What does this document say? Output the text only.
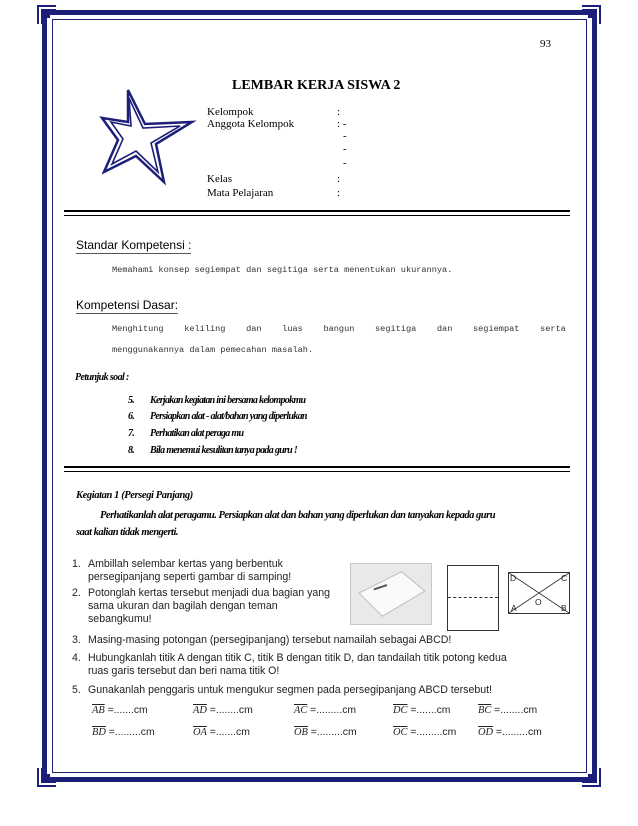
93
LEMBAR KERJA SISWA 2
Kelompok	:
Anggota Kelompok	: -
-
-
-
Kelas	:
Mata Pelajaran	:
Standar Kompetensi :
Memahami konsep segiempat dan segitiga serta menentukan ukurannya.
Kompetensi Dasar:
Menghitung    keliling    dan    luas    bangun    segitiga    dan    segiempat    serta
menggunakannya dalam pemecahan masalah.
Petunjuk soal :
5. Kerjakan kegiatan ini bersama kelompokmu
6. Persiapkan alat - alat/bahan yang diperlukan
7. Perhatikan alat peraga mu
8. Bila menemui kesulitan tanya pada guru !
Kegiatan 1 (Persegi Panjang)
Perhatikanlah alat peragamu. Persiapkan alat dan bahan yang diperlukan dan tanyakan kepada guru
saat kalian tidak mengerti.
1. Ambillah selembar kertas yang berbentuk
persegipanjang seperti gambar di samping!
2. Potonglah kertas tersebut menjadi dua bagian yang
sama ukuran dan bagilah dengan teman
sebangkumu!
3. Masing-masing potongan (persegipanjang) tersebut namailah sebagai ABCD!
4. Hubungkanlah titik A dengan titik C, titik B dengan titik D, dan tandailah titik potong kedua
ruas garis tersebut dan beri nama titik O!
5. Gunakanlah penggaris untuk mengukur segmen pada persegipanjang ABCD tersebut!
$\overline{AB} =.......cm$	$\overline{AD} =........cm$	$\overline{AC} =.........cm$	$\overline{DC} =.......cm$	$\overline{BC} =........cm$
$\overline{BD} =.........cm$	$\overline{OA} =.......cm$	$\overline{OB} =.........cm$	$\overline{OC} =.........cm$ $\overline{OD} =.........cm$
D	C
A	B
O
